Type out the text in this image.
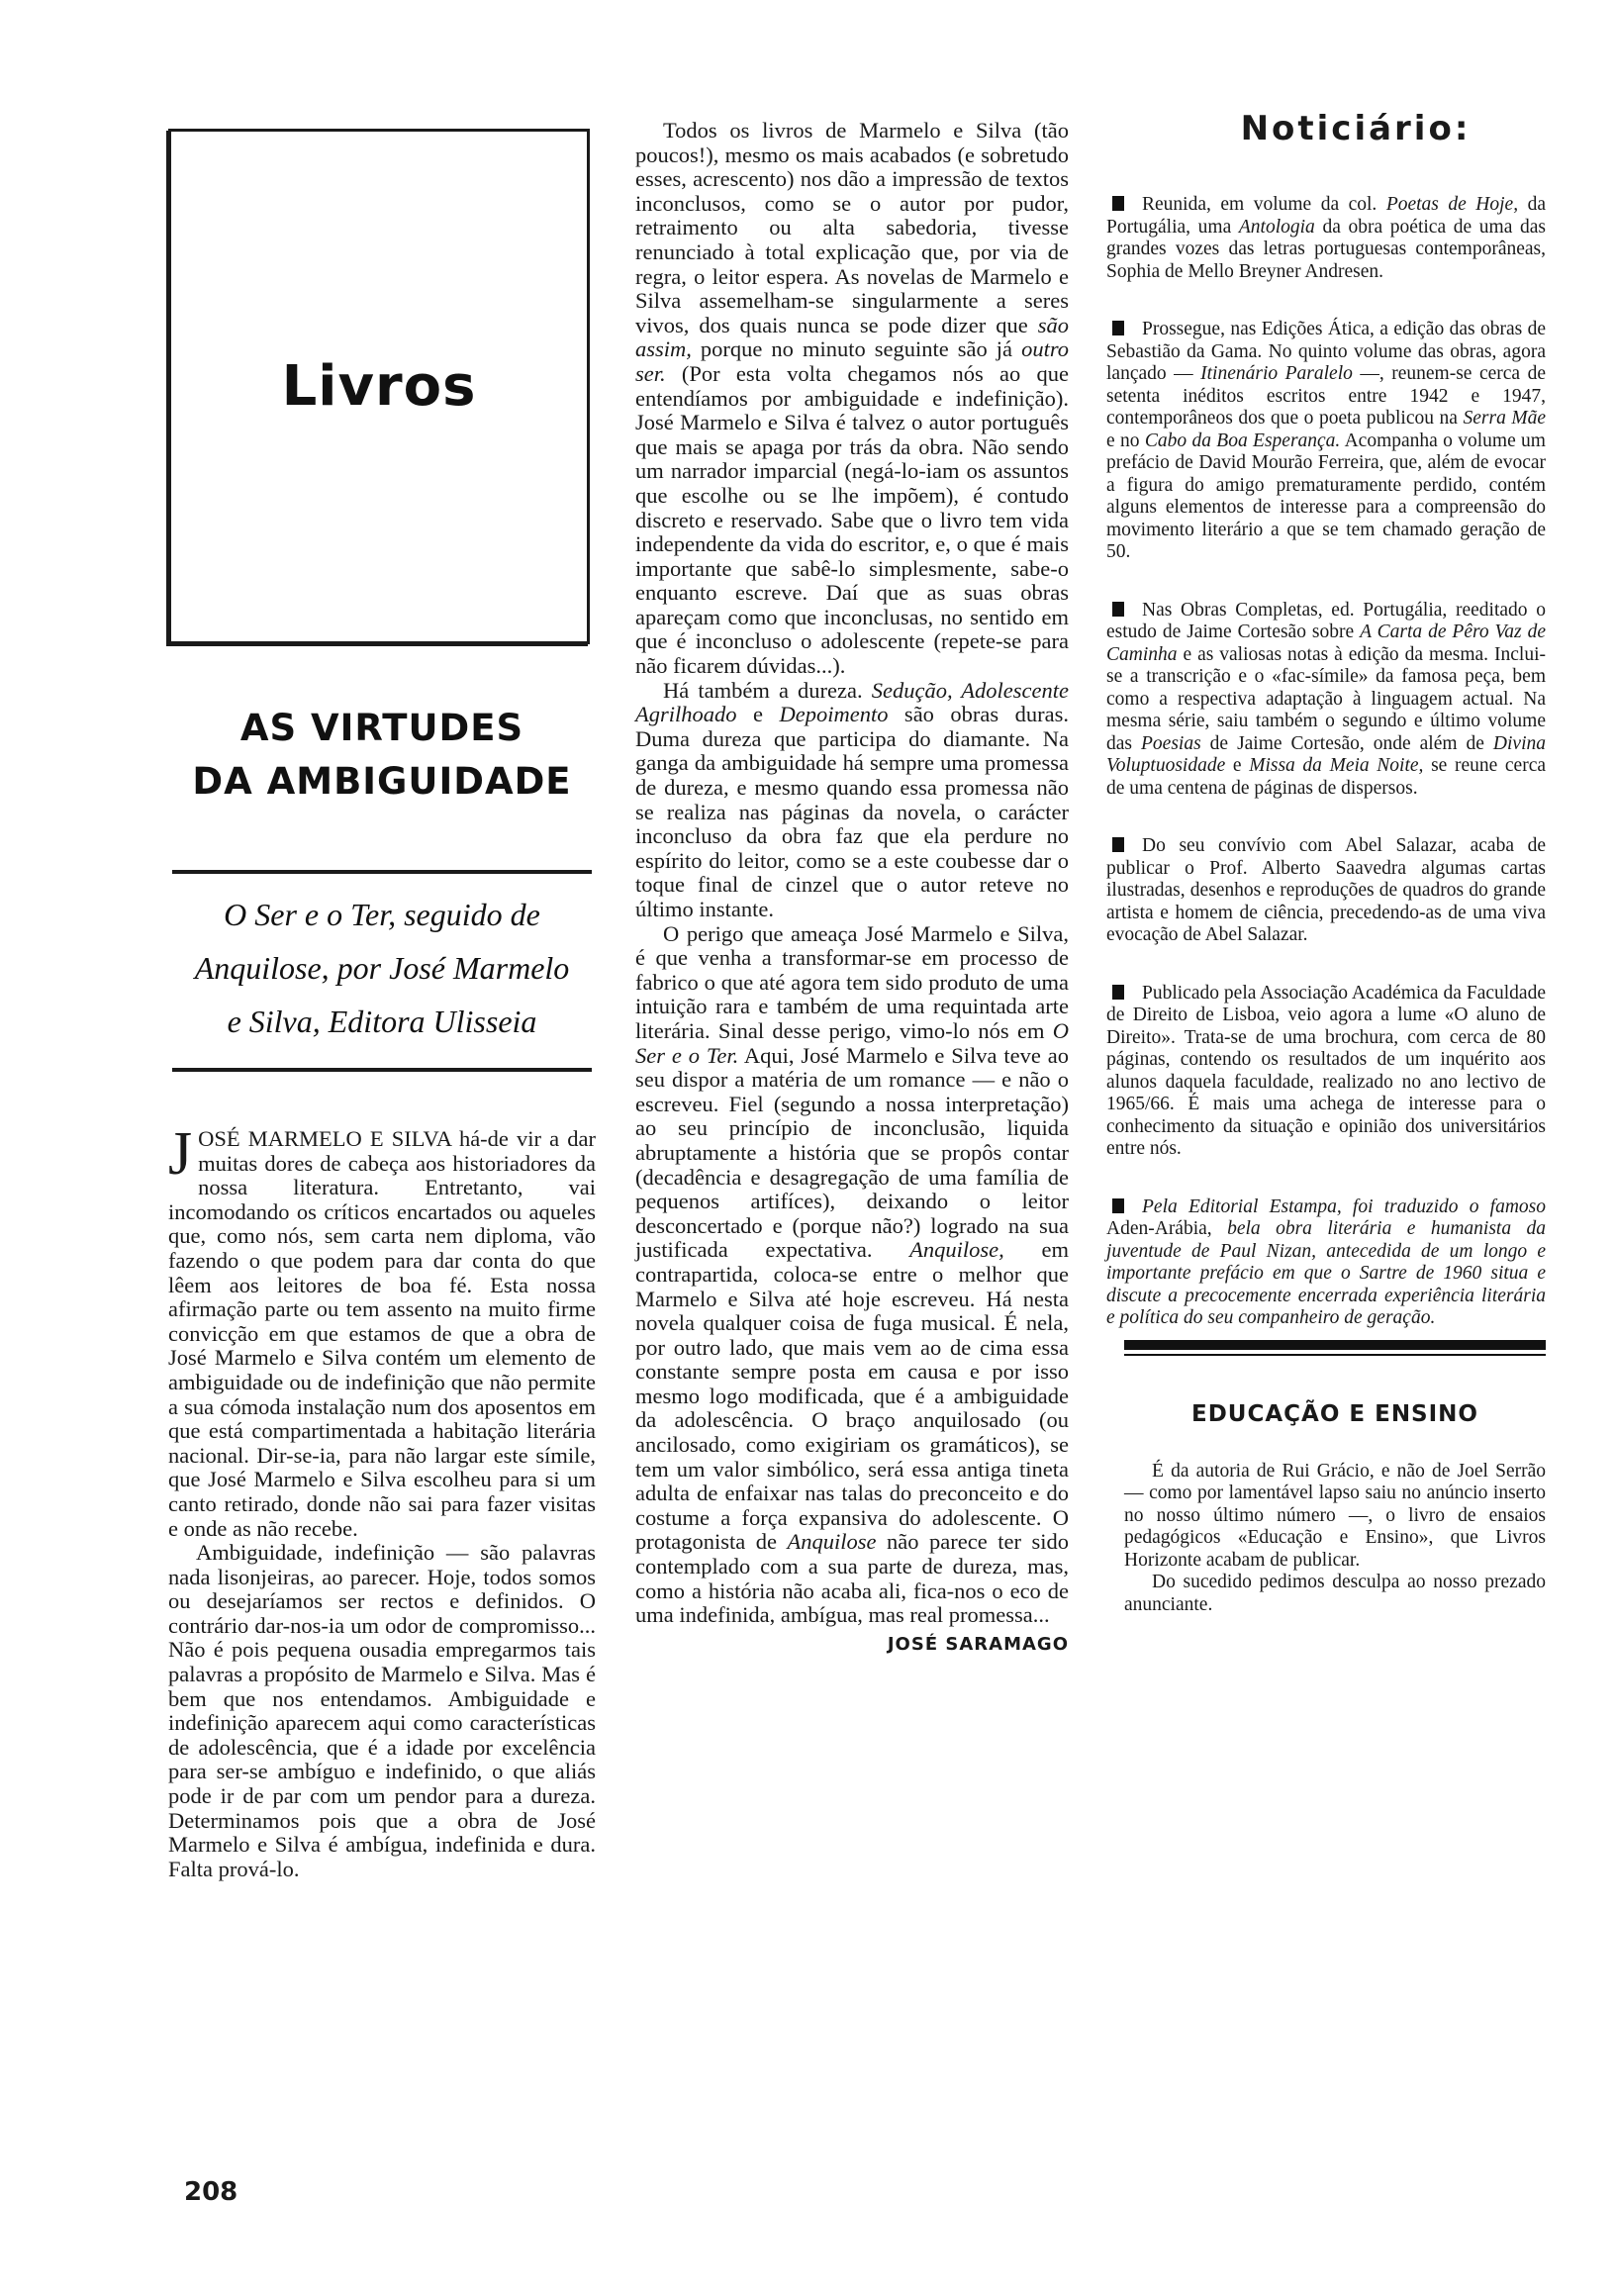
Livros
AS VIRTUDES
DA AMBIGUIDADE
O Ser e o Ter, seguido de
Anquilose, por José Marmelo
e Silva, Editora Ulisseia

JOSÉ MARMELO E SILVA há-de vir a dar muitas dores de cabeça aos historiadores da nossa literatura. Entretanto, vai incomodando os críticos encartados ou aqueles que, como nós, sem carta nem diploma, vão fazendo o que podem para dar conta do que lêem aos leitores de boa fé. Esta nossa afirmação parte ou tem assento na muito firme convicção em que estamos de que a obra de José Marmelo e Silva contém um elemento de ambiguidade ou de indefinição que não permite a sua cómoda instalação num dos aposentos em que está compartimentada a habitação literária nacional. Dir-se-ia, para não largar este símile, que José Marmelo e Silva escolheu para si um canto retirado, donde não sai para fazer visitas e onde as não recebe.

Ambiguidade, indefinição — são palavras nada lisonjeiras, ao parecer. Hoje, todos somos ou desejaríamos ser rectos e definidos. O contrário dar-nos-ia um odor de compromisso... Não é pois pequena ousadia empregarmos tais palavras a propósito de Marmelo e Silva. Mas é bem que nos entendamos. Ambiguidade e indefinição aparecem aqui como características de adolescência, que é a idade por excelência para ser-se ambíguo e indefinido, o que aliás pode ir de par com um pendor para a dureza. Determinamos pois que a obra de José Marmelo e Silva é ambígua, indefinida e dura. Falta prová-lo.

Todos os livros de Marmelo e Silva (tão poucos!), mesmo os mais acabados (e sobretudo esses, acrescento) nos dão a impressão de textos inconclusos, como se o autor por pudor, retraimento ou alta sabedoria, tivesse renunciado à total explicação que, por via de regra, o leitor espera. As novelas de Marmelo e Silva assemelham-se singularmente a seres vivos, dos quais nunca se pode dizer que são assim, porque no minuto seguinte são já outro ser. (Por esta volta chegamos nós ao que entendíamos por ambiguidade e indefinição). José Marmelo e Silva é talvez o autor português que mais se apaga por trás da obra. Não sendo um narrador imparcial (negá-lo-iam os assuntos que escolhe ou se lhe impõem), é contudo discreto e reservado. Sabe que o livro tem vida independente da vida do escritor, e, o que é mais importante que sabê-lo simplesmente, sabe-o enquanto escreve. Daí que as suas obras apareçam como que inconclusas, no sentido em que é inconcluso o adolescente (repete-se para não ficarem dúvidas...).

Há também a dureza. Sedução, Adolescente Agrilhoado e Depoimento são obras duras. Duma dureza que participa do diamante. Na ganga da ambiguidade há sempre uma promessa de dureza, e mesmo quando essa promessa não se realiza nas páginas da novela, o carácter inconcluso da obra faz que ela perdure no espírito do leitor, como se a este coubesse dar o toque final de cinzel que o autor reteve no último instante.

O perigo que ameaça José Marmelo e Silva, é que venha a transformar-se em processo de fabrico o que até agora tem sido produto de uma intuição rara e também de uma requintada arte literária. Sinal desse perigo, vimo-lo nós em O Ser e o Ter. Aqui, José Marmelo e Silva teve ao seu dispor a matéria de um romance — e não o escreveu. Fiel (segundo a nossa interpretação) ao seu princípio de inconclusão, liquida abruptamente a história que se propôs contar (decadência e desagregação de uma família de pequenos artifíces), deixando o leitor desconcertado e (porque não?) logrado na sua justificada expectativa. Anquilose, em contrapartida, coloca-se entre o melhor que Marmelo e Silva até hoje escreveu. Há nesta novela qualquer coisa de fuga musical. É nela, por outro lado, que mais vem ao de cima essa constante sempre posta em causa e por isso mesmo logo modificada, que é a ambiguidade da adolescência. O braço anquilosado (ou ancilosado, como exigiriam os gramáticos), se tem um valor simbólico, será essa antiga tineta adulta de enfaixar nas talas do preconceito e do costume a força expansiva do adolescente. O protagonista de Anquilose não parece ter sido contemplado com a sua parte de dureza, mas, como a história não acaba ali, fica-nos o eco de uma indefinida, ambígua, mas real promessa...

JOSÉ SARAMAGO
Noticiário:

Reunida, em volume da col. Poetas de Hoje, da Portugália, uma Antologia da obra poética de uma das grandes vozes das letras portuguesas contemporâneas, Sophia de Mello Breyner Andresen.

Prossegue, nas Edições Ática, a edição das obras de Sebastião da Gama. No quinto volume das obras, agora lançado — Itinenário Paralelo —, reunem-se cerca de setenta inéditos escritos entre 1942 e 1947, contemporâneos dos que o poeta publicou na Serra Mãe e no Cabo da Boa Esperança. Acompanha o volume um prefácio de David Mourão Ferreira, que, além de evocar a figura do amigo prematuramente perdido, contém alguns elementos de interesse para a compreensão do movimento literário a que se tem chamado geração de 50.

Nas Obras Completas, ed. Portugália, reeditado o estudo de Jaime Cortesão sobre A Carta de Pêro Vaz de Caminha e as valiosas notas à edição da mesma. Inclui-se a transcrição e o «fac-símile» da famosa peça, bem como a respectiva adaptação à linguagem actual. Na mesma série, saiu também o segundo e último volume das Poesias de Jaime Cortesão, onde além de Divina Voluptuosidade e Missa da Meia Noite, se reune cerca de uma centena de páginas de dispersos.

Do seu convívio com Abel Salazar, acaba de publicar o Prof. Alberto Saavedra algumas cartas ilustradas, desenhos e reproduções de quadros do grande artista e homem de ciência, precedendo-as de uma viva evocação de Abel Salazar.

Publicado pela Associação Académica da Faculdade de Direito de Lisboa, veio agora a lume «O aluno de Direito». Trata-se de uma brochura, com cerca de 80 páginas, contendo os resultados de um inquérito aos alunos daquela faculdade, realizado no ano lectivo de 1965/66. É mais uma achega de interesse para o conhecimento da situação e opinião dos universitários entre nós.

Pela Editorial Estampa, foi traduzido o famoso Aden-Arábia, bela obra literária e humanista da juventude de Paul Nizan, antecedida de um longo e importante prefácio em que o Sartre de 1960 situa e discute a precocemente encerrada experiência literária e política do seu companheiro de geração.

EDUCAÇÃO E ENSINO

É da autoria de Rui Grácio, e não de Joel Serrão — como por lamentável lapso saiu no anúncio inserto no nosso último número —, o livro de ensaios pedagógicos «Educação e Ensino», que Livros Horizonte acabam de publicar.

Do sucedido pedimos desculpa ao nosso prezado anunciante.

208
